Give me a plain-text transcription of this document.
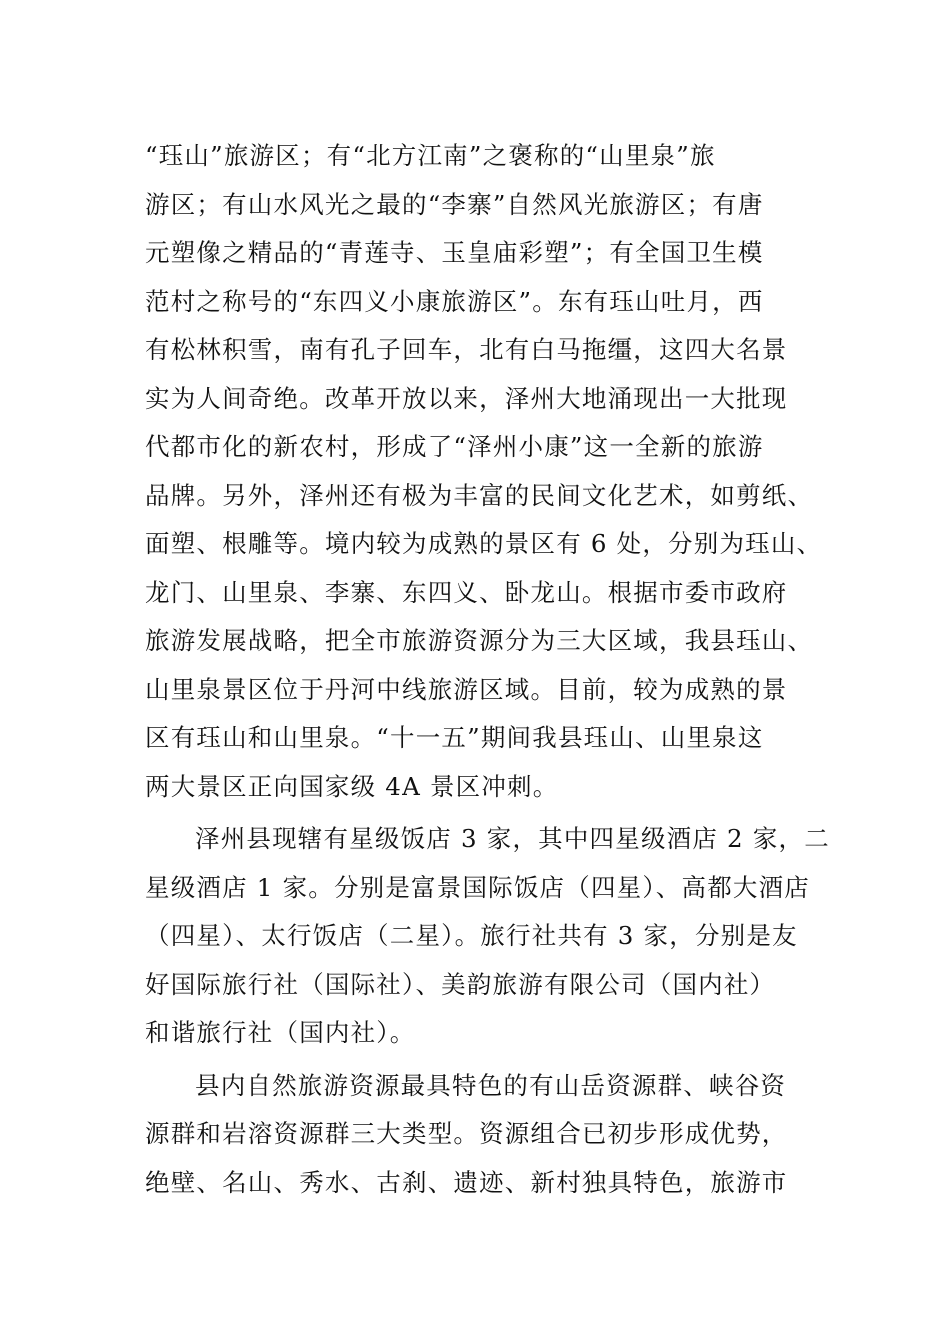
“珏山”旅游区；有“北方江南”之褒称的“山里泉”旅
游区；有山水风光之最的“李寨”自然风光旅游区；有唐
元塑像之精品的“青莲寺、玉皇庙彩塑”；有全国卫生模
范村之称号的“东四义小康旅游区”。东有珏山吐月，西
有松林积雪，南有孔子回车，北有白马拖缰，这四大名景
实为人间奇绝。改革开放以来，泽州大地涌现出一大批现
代都市化的新农村，形成了“泽州小康”这一全新的旅游
品牌。另外，泽州还有极为丰富的民间文化艺术，如剪纸、
面塑、根雕等。境内较为成熟的景区有 6 处，分别为珏山、
龙门、山里泉、李寨、东四义、卧龙山。根据市委市政府
旅游发展战略，把全市旅游资源分为三大区域，我县珏山、
山里泉景区位于丹河中线旅游区域。目前，较为成熟的景
区有珏山和山里泉。“十一五”期间我县珏山、山里泉这
两大景区正向国家级 4A 景区冲刺。
泽州县现辖有星级饭店 3 家，其中四星级酒店 2 家，二
星级酒店 1 家。分别是富景国际饭店（四星）、高都大酒店
（四星）、太行饭店（二星）。旅行社共有 3 家，分别是友
好国际旅行社（国际社）、美韵旅游有限公司（国内社）
和谐旅行社（国内社）。
县内自然旅游资源最具特色的有山岳资源群、峡谷资
源群和岩溶资源群三大类型。资源组合已初步形成优势，
绝壁、名山、秀水、古刹、遗迹、新村独具特色，旅游市
